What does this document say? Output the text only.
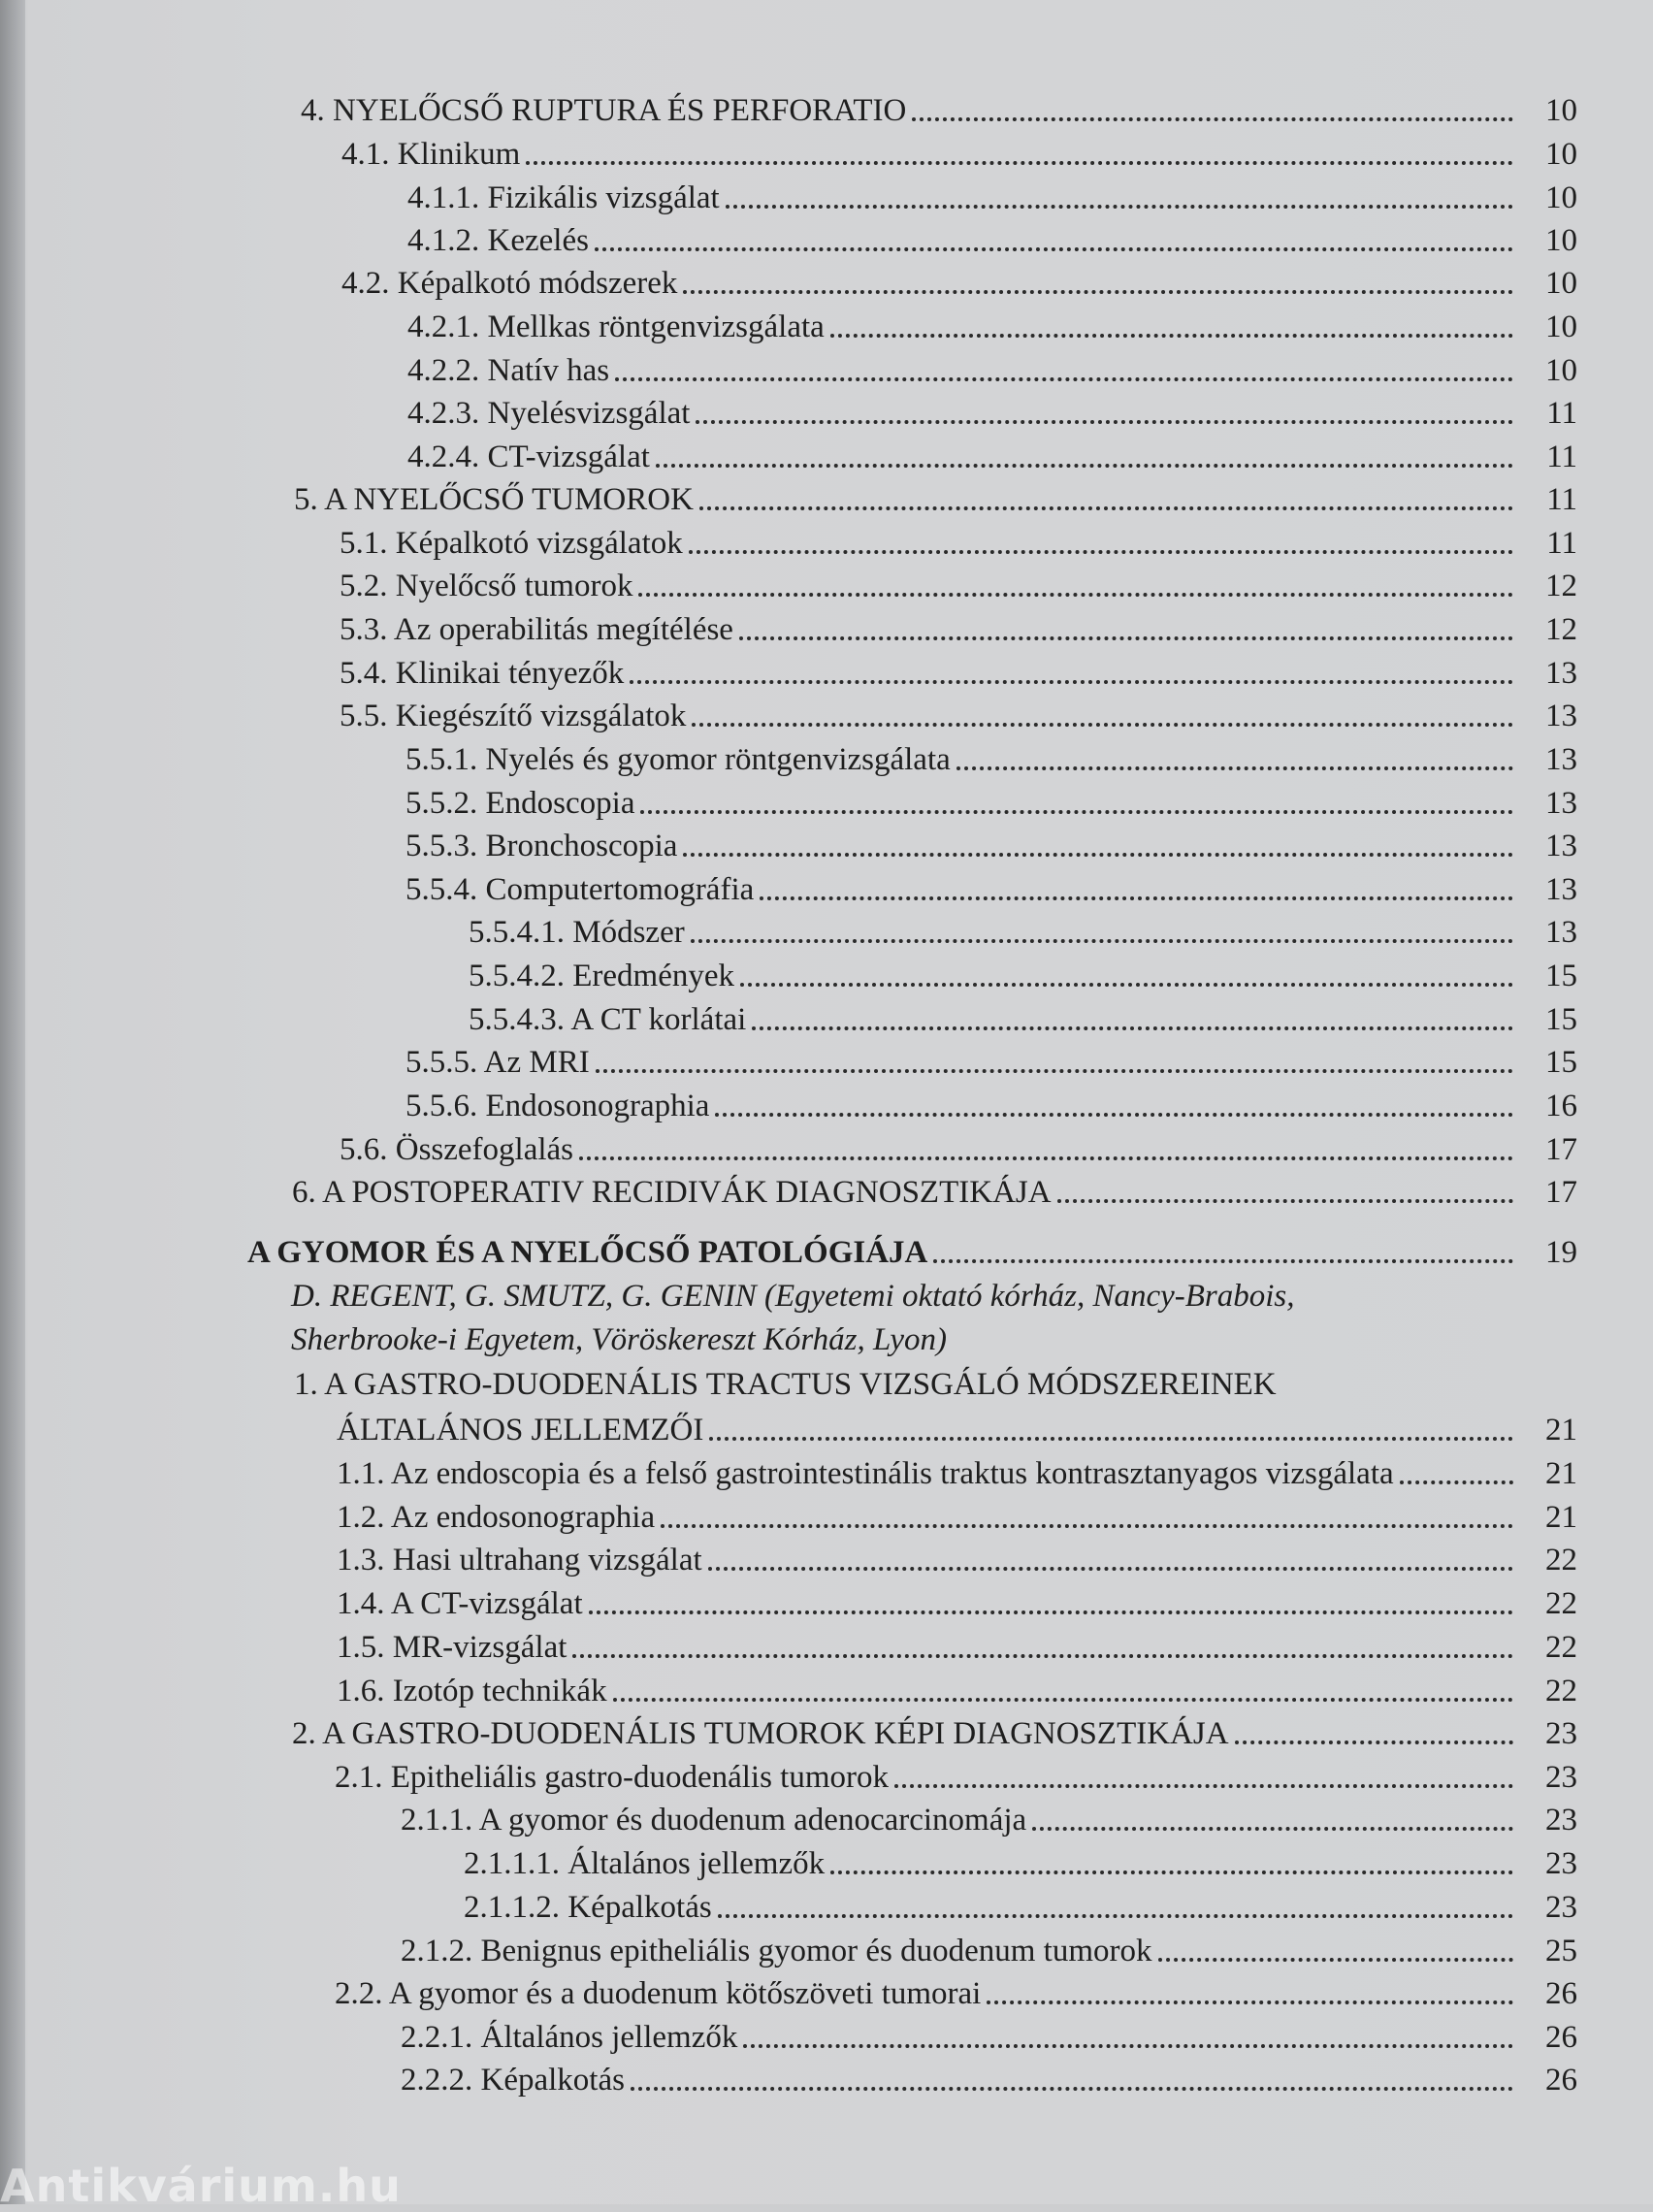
4. NYELŐCSŐ RUPTURA ÉS PERFORATIO	10
4.1. Klinikum	10
4.1.1. Fizikális vizsgálat	10
4.1.2. Kezelés	10
4.2. Képalkotó módszerek	10
4.2.1. Mellkas röntgenvizsgálata	10
4.2.2. Natív has	10
4.2.3. Nyelésvizsgálat	11
4.2.4. CT-vizsgálat	11
5. A NYELŐCSŐ TUMOROK	11
5.1. Képalkotó vizsgálatok	11
5.2. Nyelőcső tumorok	12
5.3. Az operabilitás megítélése	12
5.4. Klinikai tényezők	13
5.5. Kiegészítő vizsgálatok	13
5.5.1. Nyelés és gyomor röntgenvizsgálata	13
5.5.2. Endoscopia	13
5.5.3. Bronchoscopia	13
5.5.4. Computertomográfia	13
5.5.4.1. Módszer	13
5.5.4.2. Eredmények	15
5.5.4.3. A CT korlátai	15
5.5.5. Az MRI	15
5.5.6. Endosonographia	16
5.6. Összefoglalás	17
6. A POSTOPERATIV RECIDIVÁK DIAGNOSZTIKÁJA	17
A GYOMOR ÉS A NYELŐCSŐ PATOLÓGIÁJA	19
D. REGENT, G. SMUTZ, G. GENIN (Egyetemi oktató kórház, Nancy-Brabois,
Sherbrooke-i Egyetem, Vöröskereszt Kórház, Lyon)
1. A GASTRO-DUODENÁLIS TRACTUS VIZSGÁLÓ MÓDSZEREINEK
ÁLTALÁNOS JELLEMZŐI	21
1.1. Az endoscopia és a felső gastrointestinális traktus kontrasztanyagos vizsgálata	21
1.2. Az endosonographia	21
1.3. Hasi ultrahang vizsgálat	22
1.4. A CT-vizsgálat	22
1.5. MR-vizsgálat	22
1.6. Izotóp technikák	22
2. A GASTRO-DUODENÁLIS TUMOROK KÉPI DIAGNOSZTIKÁJA	23
2.1. Epitheliális gastro-duodenális tumorok	23
2.1.1. A gyomor és duodenum adenocarcinomája	23
2.1.1.1. Általános jellemzők	23
2.1.1.2. Képalkotás	23
2.1.2. Benignus epitheliális gyomor és duodenum tumorok	25
2.2. A gyomor és a duodenum kötőszöveti tumorai	26
2.2.1. Általános jellemzők	26
2.2.2. Képalkotás	26
Antikvárium.hu
